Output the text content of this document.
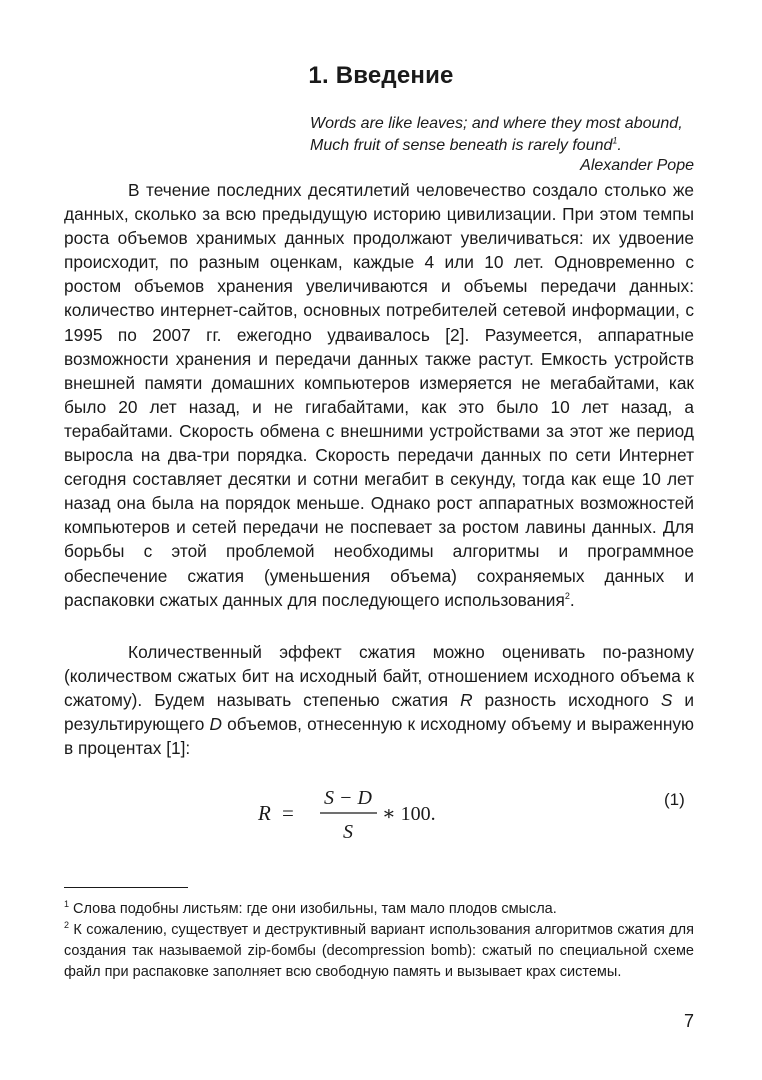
1. Введение
Words are like leaves; and where they most abound,
Much fruit of sense beneath is rarely found$^1$.
Alexander Pope

В течение последних десятилетий человечество создало столько же данных, сколько за всю предыдущую историю цивилизации. При этом темпы роста объемов хранимых данных продолжают увеличиваться: их удвоение происходит, по разным оценкам, каждые 4 или 10 лет. Одновременно с ростом объемов хранения увеличиваются и объемы передачи данных: количество интернет-сайтов, основных потребителей сетевой информации, с 1995 по 2007 гг. ежегодно удваивалось [2]. Разумеется, аппаратные возможности хранения и передачи данных также растут. Емкость устройств внешней памяти домашних компьютеров измеряется не мегабайтами, как было 20 лет назад, и не гигабайтами, как это было 10 лет назад, а терабайтами. Скорость обмена с внешними устройствами за этот же период выросла на два-три порядка. Скорость передачи данных по сети Интернет сегодня составляет десятки и сотни мегабит в секунду, тогда как еще 10 лет назад она была на порядок меньше. Однако рост аппаратных возможностей компьютеров и сетей передачи не поспевает за ростом лавины данных. Для борьбы с этой проблемой необходимы алгоритмы и программное обеспечение сжатия (уменьшения объема) сохраняемых данных и распаковки сжатых данных для последующего использования$^2$.

Количественный эффект сжатия можно оценивать по-разному (количеством сжатых бит на исходный байт, отношением исходного объема к сжатому). Будем называть степенью сжатия R разность исходного S и результирующего D объемов, отнесенную к исходному объему и выраженную в процентах [1]:

R =
S − D
S
∗ 100.
(1)

$^1$ Слова подобны листьям: где они изобильны, там мало плодов смысла.

$^2$ К сожалению, существует и деструктивный вариант использования алгоритмов сжатия для создания так называемой zip-бомбы (decompression bomb): сжатый по специальной схеме файл при распаковке заполняет всю свободную память и вызывает крах системы.

7
